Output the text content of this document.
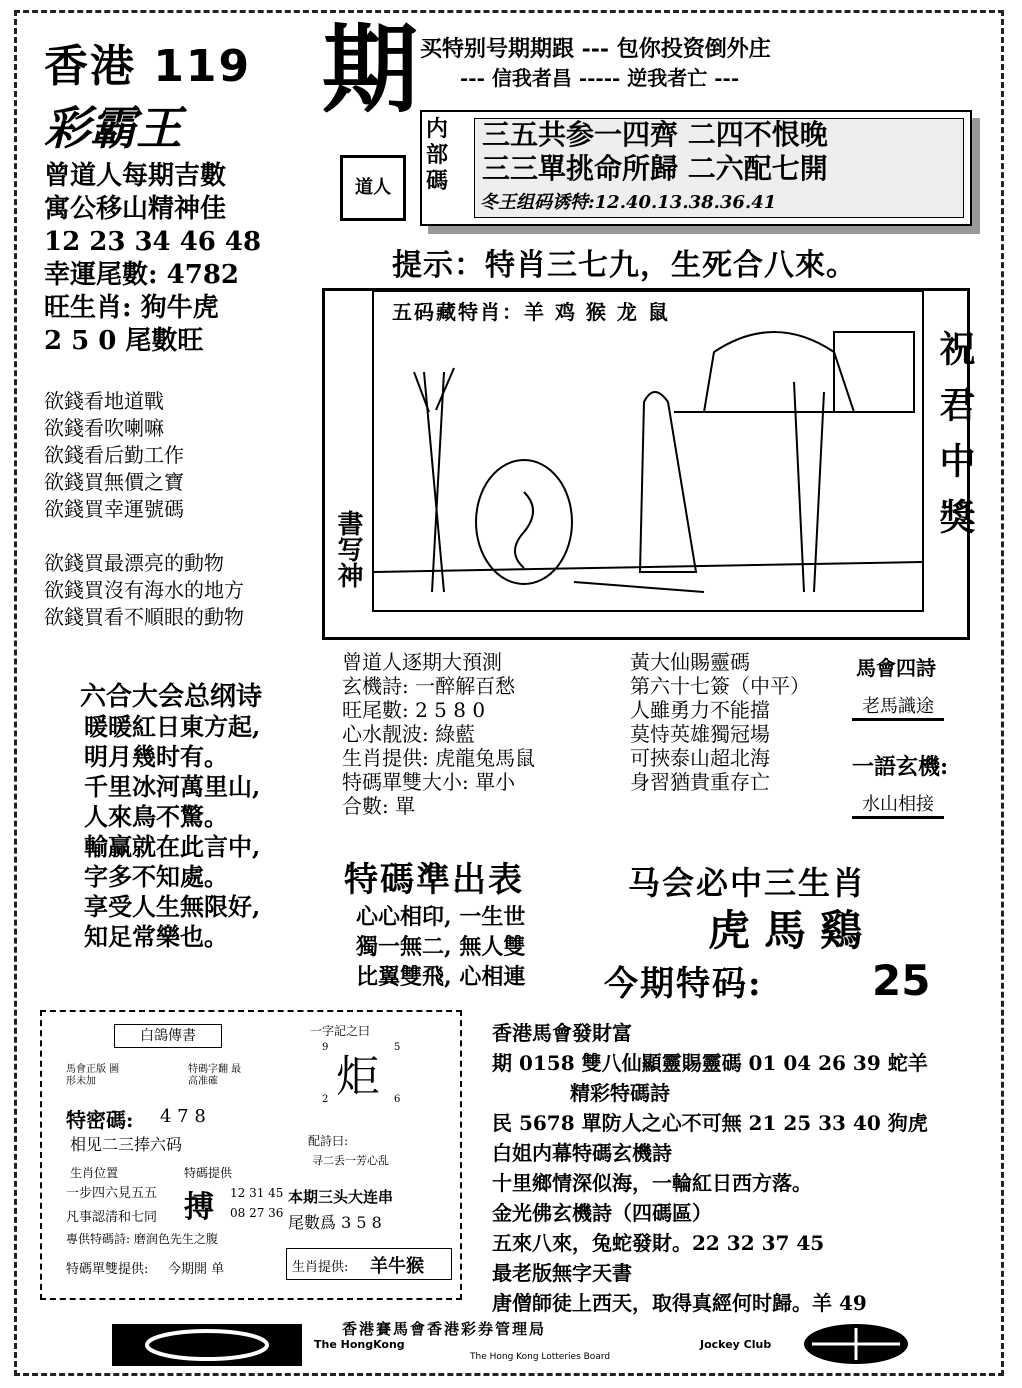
香港 119 期
彩霸王
买特别号期期跟 --- 包你投资倒外庄
--- 信我者昌 ----- 逆我者亡 ---

曾道人每期吉數

寓公移山精神佳

12 23 34 46 48

幸運尾數: 4782

旺生肖: 狗牛虎

2 5 0 尾數旺

欲錢看地道戰

欲錢看吹喇嘛

欲錢看后勤工作

欲錢買無價之寶

欲錢買幸運號碼

欲錢買最漂亮的動物

欲錢買沒有海水的地方

欲錢買看不順眼的動物

道人
三五共参一四齊 二四不恨晚
三三單挑命所歸 二六配七開
冬王组码诱特:12.40.13.38.36.41
内部碼
提示：特肖三七九，生死合八來。
五码藏特肖：羊 鸡 猴 龙 鼠
書写神	祝君中獎

曾道人逐期大預測

玄機詩: 一醉解百愁

旺尾數: 2 5 8 0

心水靓波: 綠藍

生肖提供: 虎龍兔馬鼠

特碼單雙大小: 單小

合數: 單

黃大仙賜靈碼

第六十七簽（中平）

人雖勇力不能擋

莫恃英雄獨冠場

可挾泰山超北海

身習猶貴重存亡

馬會四詩
老馬識途
一語玄機:
水山相接
六合大会总纲诗

暖暖紅日東方起,

明月幾时有。

千里冰河萬里山,

人來鳥不驚。

輸赢就在此言中,

字多不知處。

享受人生無限好,

知足常樂也。

特碼準出表

心心相印, 一生世

獨一無二, 無人雙

比翼雙飛, 心相連

马会必中三生肖
虎馬鷄
今期特码:	25
白鴿傳書
馬會正版 圖形未加
特碼字翻 最高准確
特密碼: 4 7 8
相见二三捧六码
生肖位置
一步四六見五五
凡事認清和七同
特碼提供
搏 12 31 45
08 27 36
專供特碼詩: 磨润色先生之腹
特碼單雙提供: 今期開 单
一字記之曰
9	5
2	6
炬
配詩曰:
寻二丢一芳心乱
本期三头大连串
尾數爲 3 5 8
生肖提供: 羊牛猴

香港馬會發財富

期 0158 雙八仙顯靈賜靈碼 01 04 26 39 蛇羊

精彩特碼詩

民 5678 單防人之心不可無 21 25 33 40 狗虎

白姐内幕特碼玄機詩

十里鄉情深似海，一輪紅日西方落。

金光佛玄機詩（四碼區）

五來八來，兔蛇發財。22 32 37 45

最老版無字天書

唐僧師徒上西天，取得真經何时歸。羊 49

香港賽馬會香港彩券管理局
The HongKong	Jockey Club
The Hong Kong Lotteries Board
